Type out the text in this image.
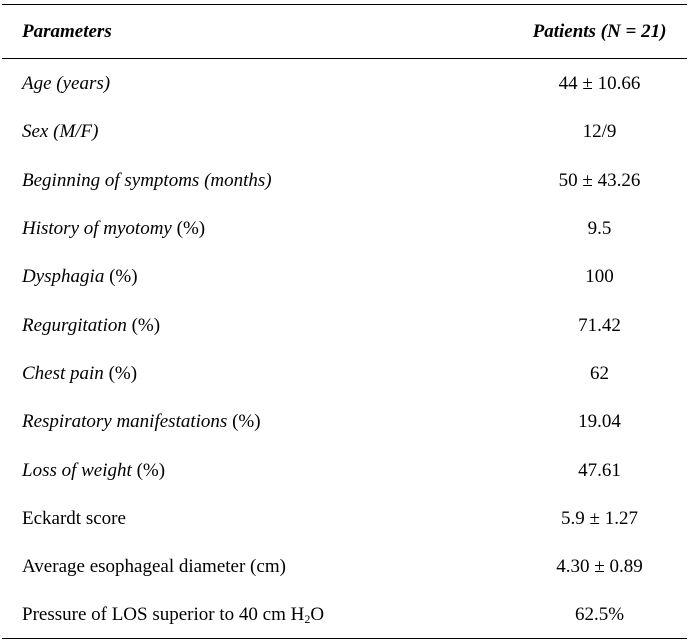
Parameters	Patients (N = 21)
Age (years)	44 ± 10.66
Sex (M/F)	12/9
Beginning of symptoms (months)	50 ± 43.26
History of myotomy (%)	9.5
Dysphagia (%)	100
Regurgitation (%)	71.42
Chest pain (%)	62
Respiratory manifestations (%)	19.04
Loss of weight (%)	47.61
Eckardt score	5.9 ± 1.27
Average esophageal diameter (cm)	4.30 ± 0.89
Pressure of LOS superior to 40 cm $H_2O$	62.5%
